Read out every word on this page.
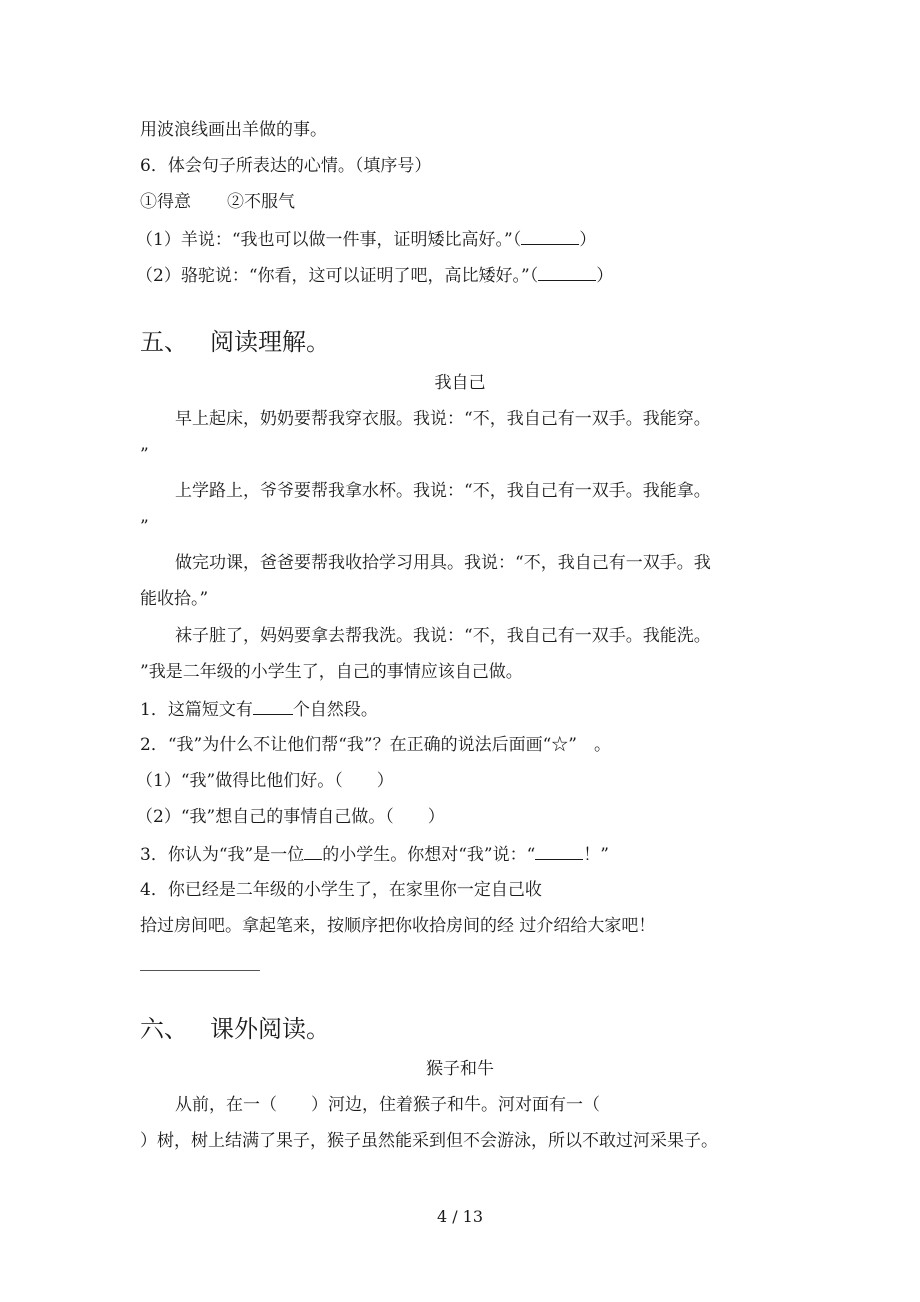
用波浪线画出羊做的事。
6．体会句子所表达的心情。（填序号）
①得意 ②不服气
（1）羊说：“我也可以做一件事，证明矮比高好。”（	）
（2）骆驼说：“你看，这可以证明了吧，高比矮好。”（	）
五、 阅读理解。
我自己
早上起床，奶奶要帮我穿衣服。我说：“不，我自己有一双手。我能穿。
”
上学路上，爷爷要帮我拿水杯。我说：“不，我自己有一双手。我能拿。
”
做完功课，爸爸要帮我收拾学习用具。我说：“不，我自己有一双手。我
能收拾。”
袜子脏了，妈妈要拿去帮我洗。我说：“不，我自己有一双手。我能洗。
”我是二年级的小学生了，自己的事情应该自己做。
1．这篇短文有 个自然段。
2．“我”为什么不让他们帮“我”？在正确的说法后面画“☆”　。
（1）“我”做得比他们好。（　　）
（2）“我”想自己的事情自己做。（　　）
3．你认为“我”是一位 的小学生。你想对“我”说：“	！”
4．你已经是二年级的小学生了，在家里你一定自己收
拾过房间吧。拿起笔来，按顺序把你收拾房间的经 过介绍给大家吧！
六、 课外阅读。
猴子和牛
从前，在一（　　）河边，住着猴子和牛。河对面有一（
）树，树上结满了果子，猴子虽然能采到但不会游泳，所以不敢过河采果子。
4 / 13
